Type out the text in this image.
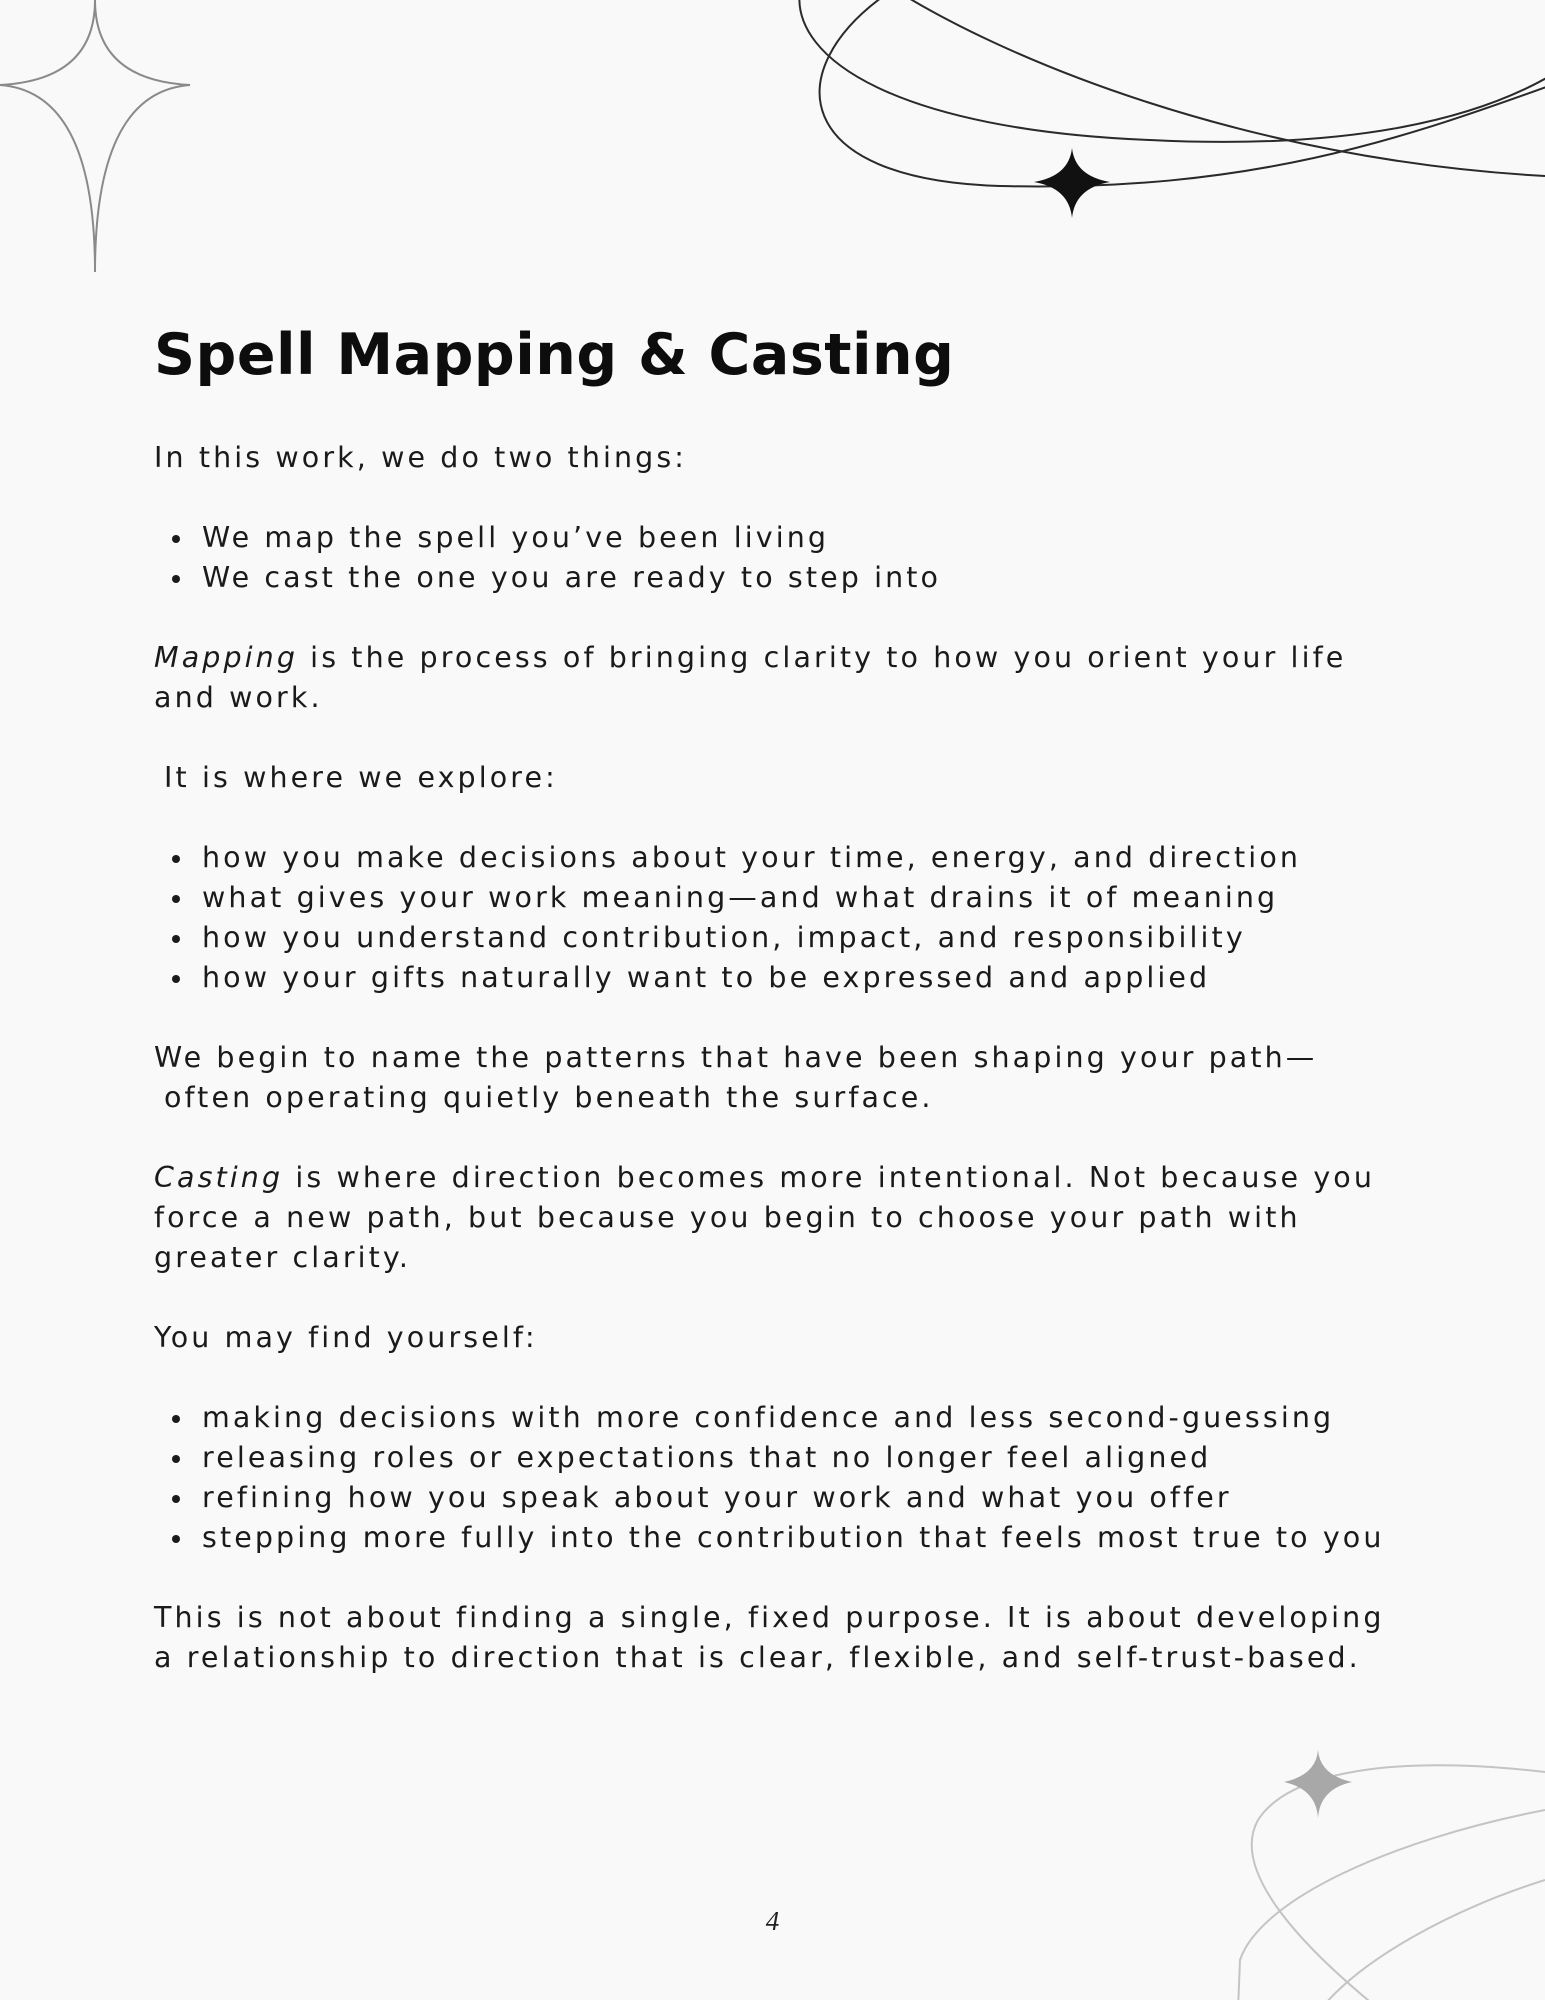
Spell Mapping & Casting

In this work, we do two things:

We map the spell you’ve been living
We cast the one you are ready to step into

Mapping is the process of bringing clarity to how you orient your life

and work.

It is where we explore:

how you make decisions about your time, energy, and direction
what gives your work meaning—and what drains it of meaning
how you understand contribution, impact, and responsibility
how your gifts naturally want to be expressed and applied

We begin to name the patterns that have been shaping your path—

often operating quietly beneath the surface.

Casting is where direction becomes more intentional. Not because you

force a new path, but because you begin to choose your path with

greater clarity.

You may find yourself:

making decisions with more confidence and less second-guessing
releasing roles or expectations that no longer feel aligned
refining how you speak about your work and what you offer
stepping more fully into the contribution that feels most true to you

This is not about finding a single, fixed purpose. It is about developing

a relationship to direction that is clear, flexible, and self-trust-based.

4
